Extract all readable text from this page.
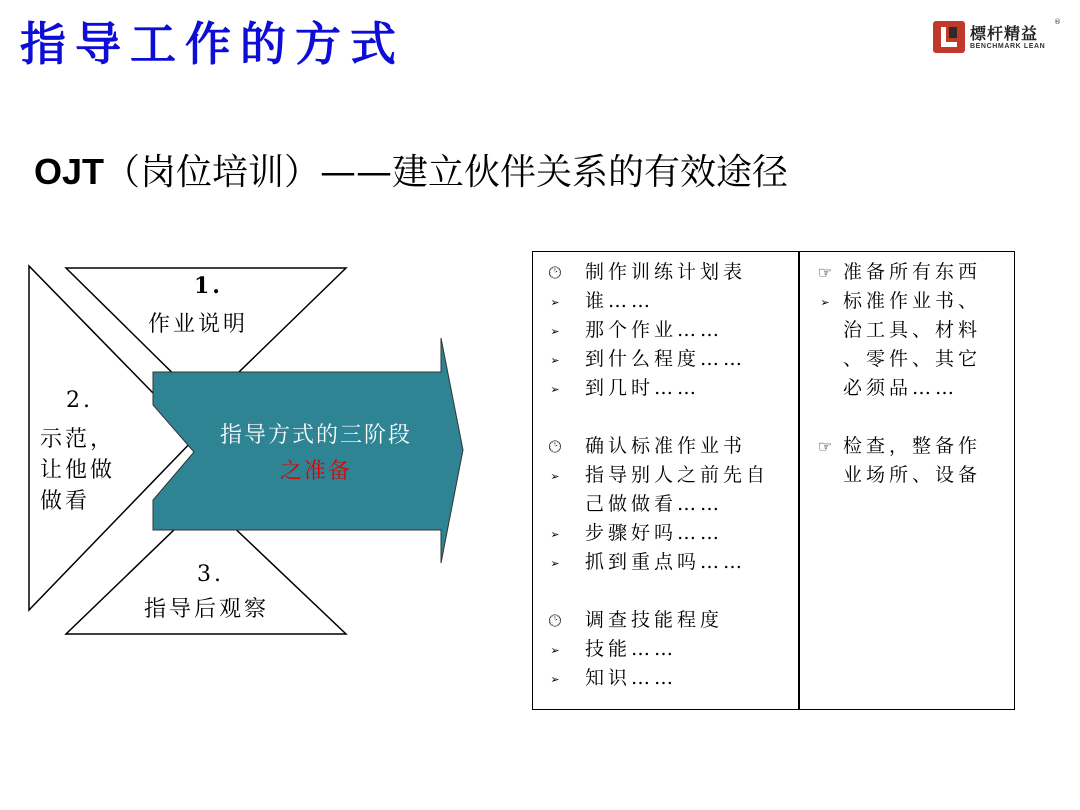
指导工作的方式	標杆精益
®
BENCHMARK LEAN
OJT（岗位培训）——建立伙伴关系的有效途径
1.
作业说明
2.
示范，
让他做
做看
3.
指导后观察
指导方式的三阶段
之准备
🕑︎ 制作训练计划表
➢	谁……
➢	那个作业……
➢	到什么程度……
➢	到几时……
🕑︎ 确认标准作业书
➢	指导别人之前先自
己做做看……
➢	步骤好吗……
➢	抓到重点吗……
🕑︎ 调查技能程度
➢	技能……
➢	知识……
☞︎ 准备所有东西
➢ 标准作业书、
治工具、材料
、零件、其它
必须品……
☞︎ 检查，整备作
业场所、设备
